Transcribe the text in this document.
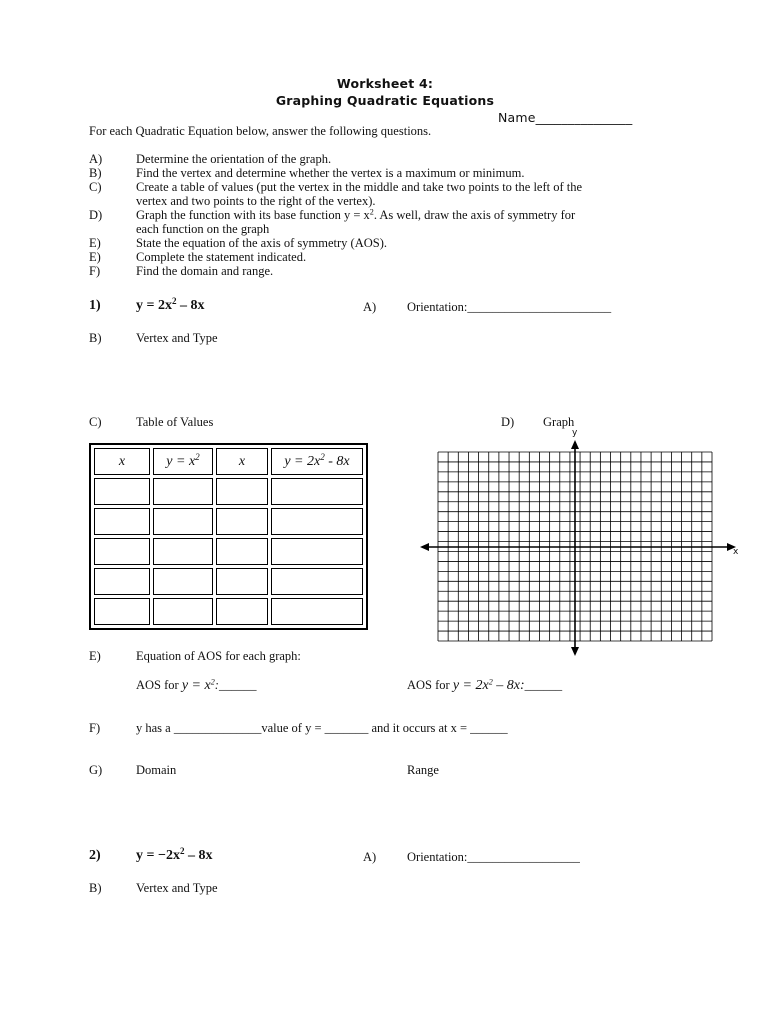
Worksheet 4:
Graphing Quadratic Equations
Name_______________
For each Quadratic Equation below, answer the following questions.
A)	Determine the orientation of the graph.
B)	Find the vertex and determine whether the vertex is a maximum or minimum.
C)	Create a table of values (put the vertex in the middle and take two points to the left of the
vertex and two points to the right of the vertex).
D)	Graph the function with its base function $y = x^2$. As well, draw the axis of symmetry for
each function on the graph
E)	State the equation of the axis of symmetry (AOS).
E)	Complete the statement indicated.
F)	Find the domain and range.
1)	$y = 2x^2 - 8x$	A) Orientation:_______________________
B)	Vertex and Type
C)	Table of Values	D) Graph
x	$y = x^2$	x	$y = 2x^2 - 8x$

y
x
E)	Equation of AOS for each graph:
AOS for $y = x^2:\_\_\_\_\_\_$	AOS for $y = 2x^2$ – 8x:______
F)	y has a ______________value of y = _______ and it occurs at x = ______
G)	Domain	Range
2)	$y = -2x^2 - 8x$	A) Orientation:__________________
B)	Vertex and Type
